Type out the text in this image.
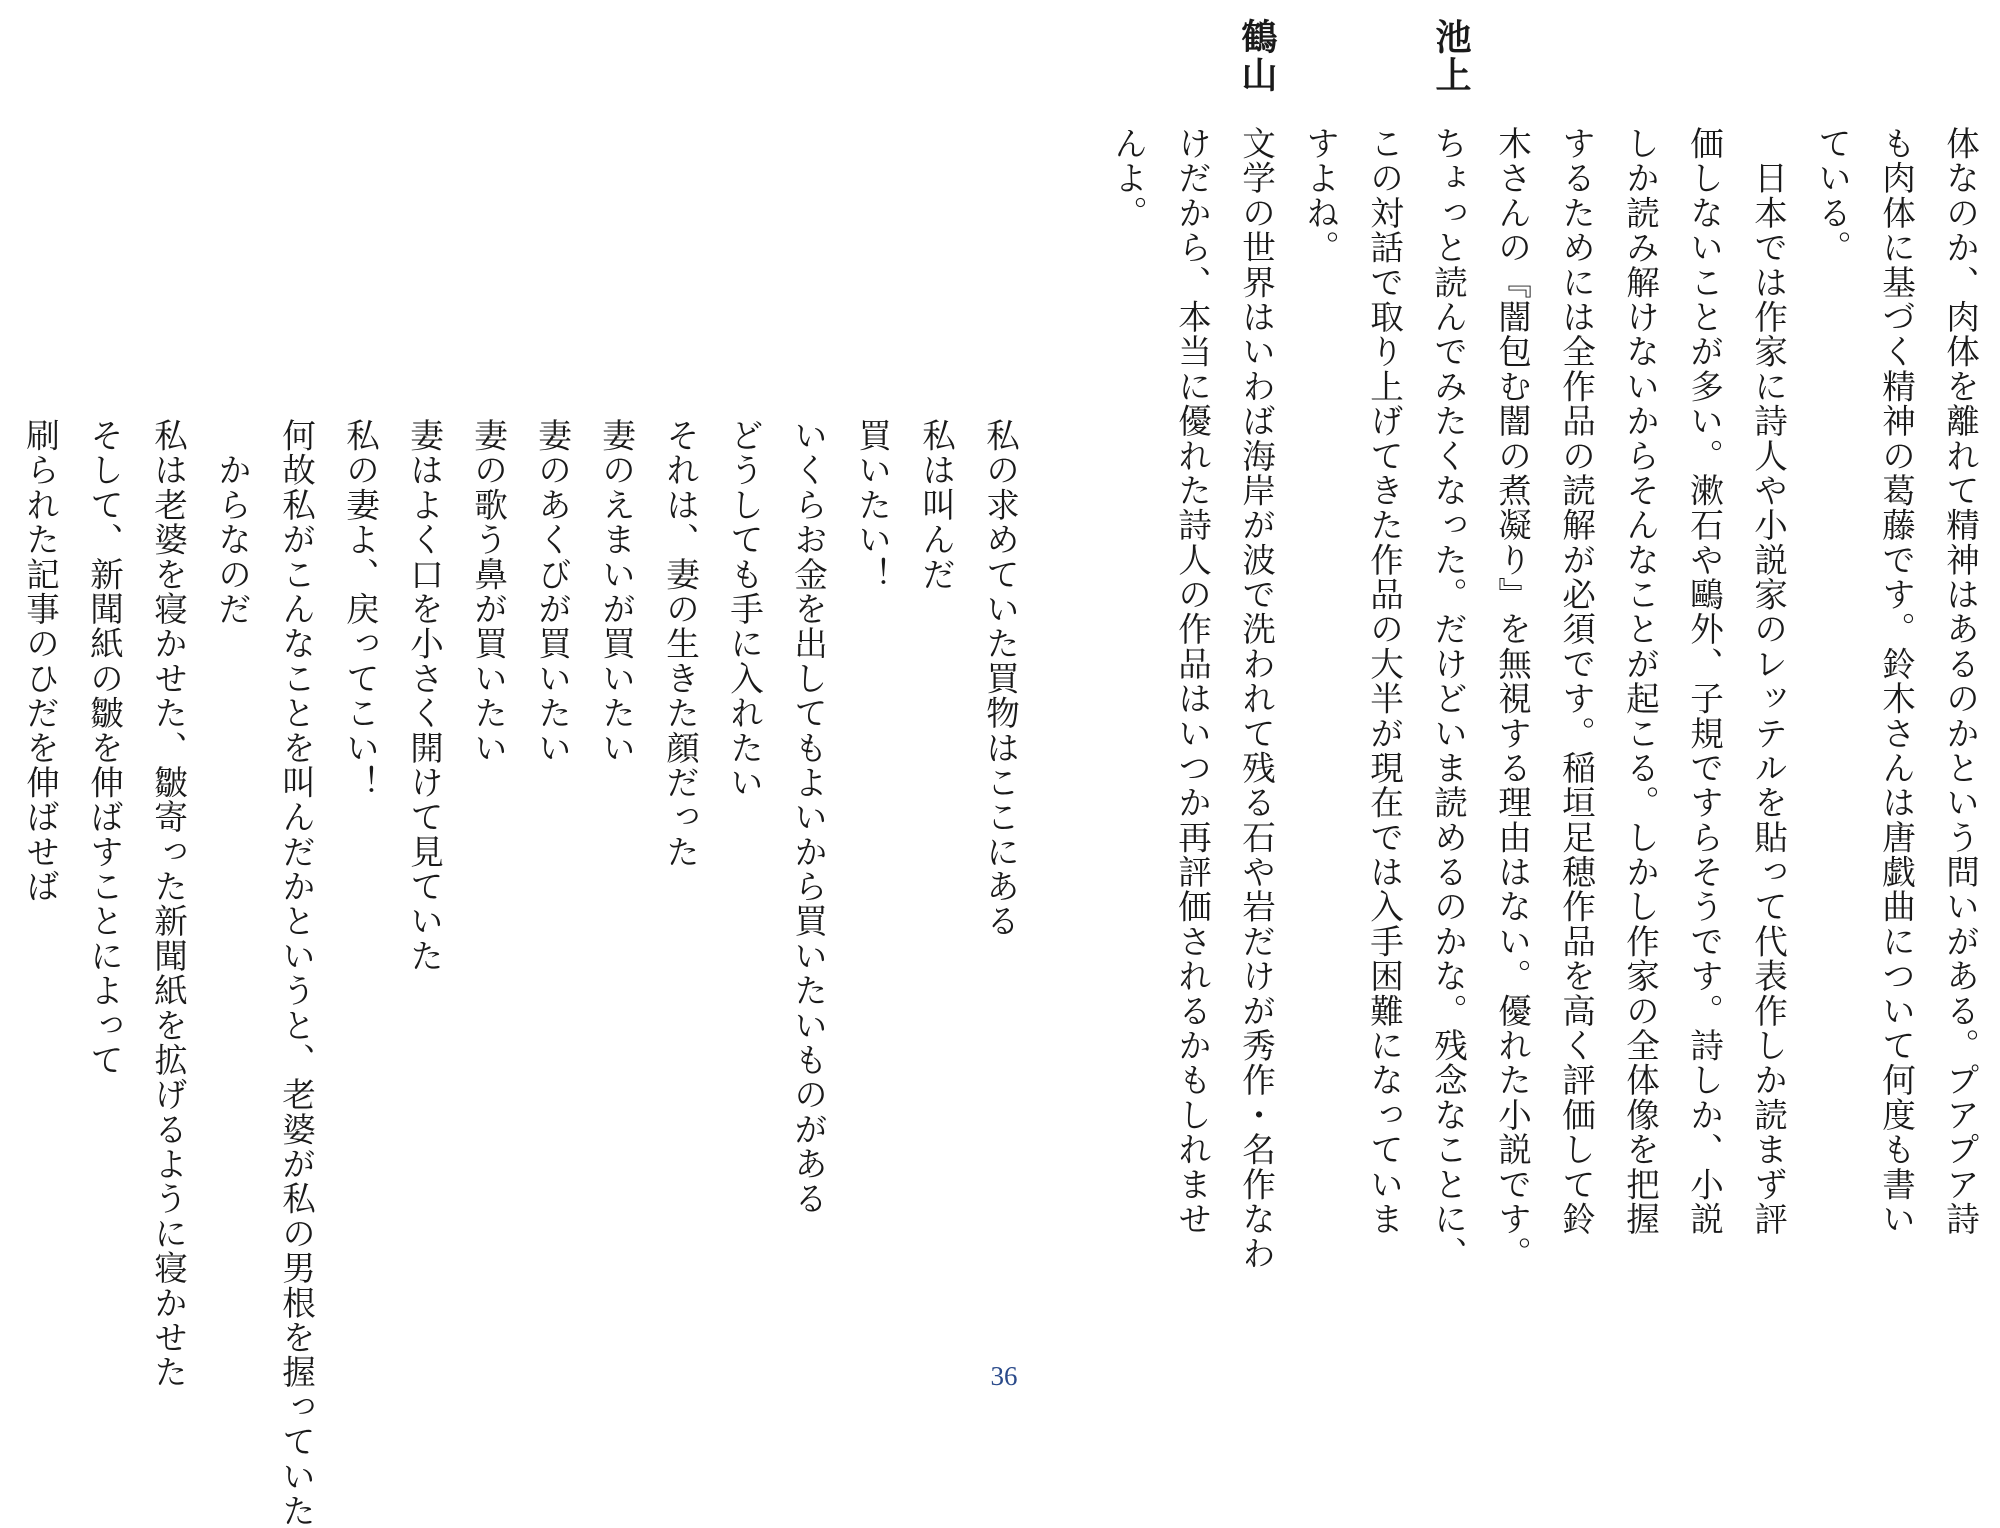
池上
鶴山
体なのか、肉体を離れて精神はあるのかという問いがある。プアプア詩
も肉体に基づく精神の葛藤です。鈴木さんは唐戯曲について何度も書い
ている。
　日本では作家に詩人や小説家のレッテルを貼って代表作しか読まず評
価しないことが多い。漱石や鷗外、子規ですらそうです。詩しか、小説
しか読み解けないからそんなことが起こる。しかし作家の全体像を把握
するためには全作品の読解が必須です。稲垣足穂作品を高く評価して鈴
木さんの『闇包む闇の煮凝り』を無視する理由はない。優れた小説です。
ちょっと読んでみたくなった。だけどいま読めるのかな。残念なことに、
この対話で取り上げてきた作品の大半が現在では入手困難になっていま
すよね。
文学の世界はいわば海岸が波で洗われて残る石や岩だけが秀作・名作なわ
けだから、本当に優れた詩人の作品はいつか再評価されるかもしれませ
んよ。
私の求めていた買物はここにある
私は叫んだ
買いたい！
いくらお金を出してもよいから買いたいものがある
どうしても手に入れたい
それは、妻の生きた顔だった
妻のえまいが買いたい
妻のあくびが買いたい
妻の歌う鼻が買いたい
妻はよく口を小さく開けて見ていた
私の妻よ、戻ってこい！
何故私がこんなことを叫んだかというと、老婆が私の男根を握っていた
　からなのだ
私は老婆を寝かせた、皺寄った新聞紙を拡げるように寝かせた
そして、新聞紙の皺を伸ばすことによって
刷られた記事のひだを伸ばせば
36
